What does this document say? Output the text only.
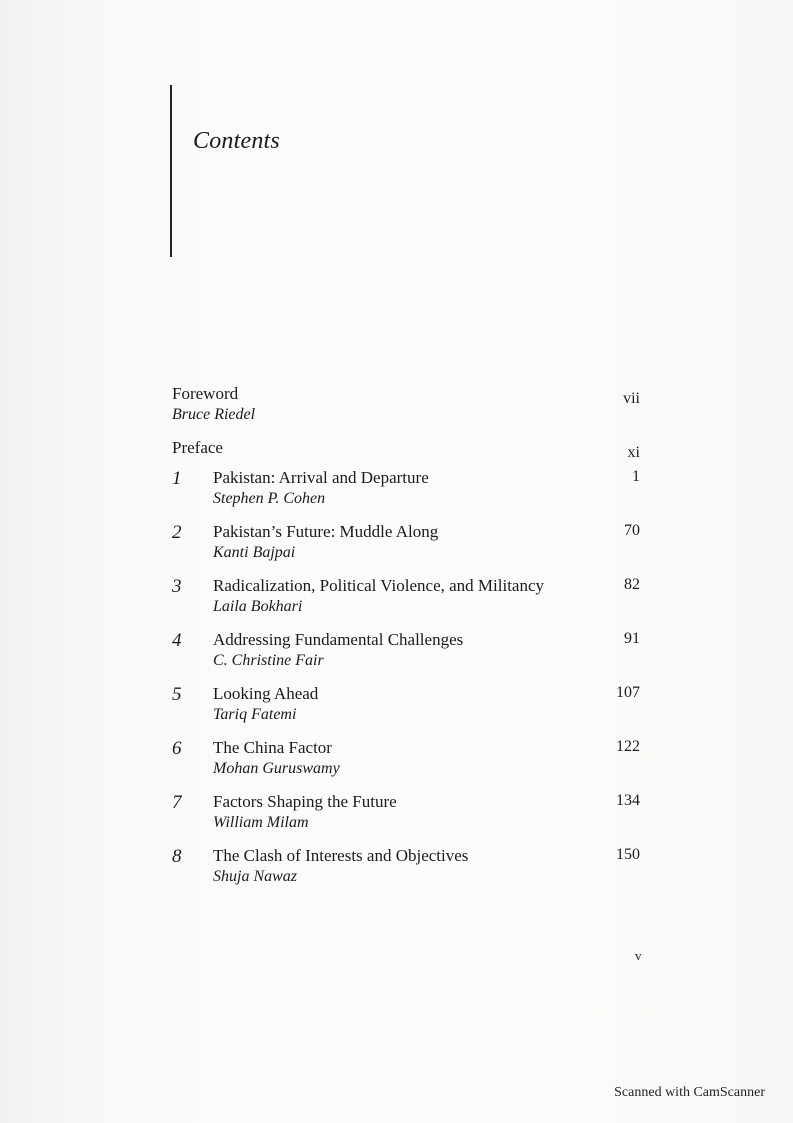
Contents
Foreword
Bruce Riedel
vii
Preface	xi
1 Pakistan: Arrival and Departure
Stephen P. Cohen
1
2 Pakistan’s Future: Muddle Along
Kanti Bajpai
70
3 Radicalization, Political Violence, and Militancy
Laila Bokhari
82
4 Addressing Fundamental Challenges
C. Christine Fair
91
5 Looking Ahead
Tariq Fatemi
107
6 The China Factor
Mohan Guruswamy
122
7 Factors Shaping the Future
William Milam
134
8 The Clash of Interests and Objectives
Shuja Nawaz
150
v
Scanned with CamScanner
